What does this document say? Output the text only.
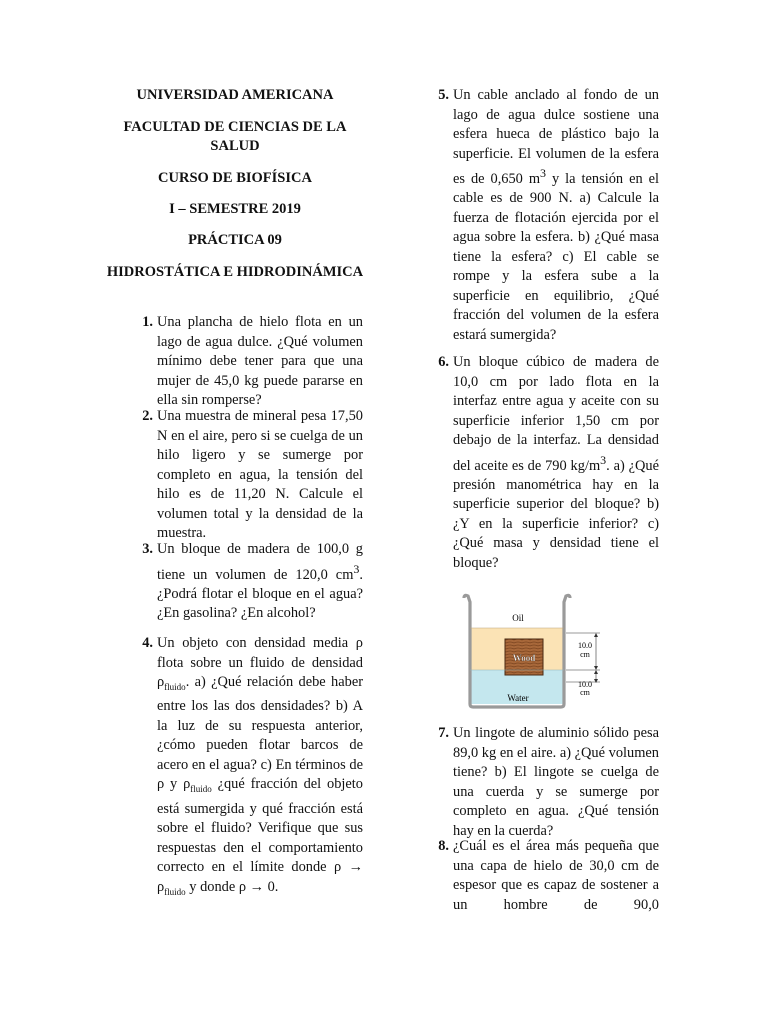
UNIVERSIDAD AMERICANA
FACULTAD DE CIENCIAS DE LA SALUD
CURSO DE BIOFÍSICA
I – SEMESTRE 2019
PRÁCTICA 09
HIDROSTÁTICA E HIDRODINÁMICA
1. Una plancha de hielo flota en un lago de agua dulce. ¿Qué volumen mínimo debe tener para que una mujer de 45,0 kg puede pararse en ella sin romperse?
2. Una muestra de mineral pesa 17,50 N en el aire, pero si se cuelga de un hilo ligero y se sumerge por completo en agua, la tensión del hilo es de 11,20 N. Calcule el volumen total y la densidad de la muestra.
3. Un bloque de madera de 100,0 g tiene un volumen de 120,0 $cm^3$. ¿Podrá flotar el bloque en el agua? ¿En gasolina? ¿En alcohol?
4. Un objeto con densidad media ρ flota sobre un fluido de densidad $\rho_{fluido}$. a) ¿Qué relación debe haber entre los las dos densidades? b) A la luz de su respuesta anterior, ¿cómo pueden flotar barcos de acero en el agua? c) En términos de ρ y $\rho_{fluido}$ ¿qué fracción del objeto está sumergida y qué fracción está sobre el fluido? Verifique que sus respuestas den el comportamiento correcto en el límite donde $\rho \to \rho_{fluido}$ y donde ρ → 0.
5. Un cable anclado al fondo de un lago de agua dulce sostiene una esfera hueca de plástico bajo la superficie. El volumen de la esfera es de 0,650 $m^3$ y la tensión en el cable es de 900 N. a) Calcule la fuerza de flotación ejercida por el agua sobre la esfera. b) ¿Qué masa tiene la esfera? c) El cable se rompe y la esfera sube a la superficie en equilibrio, ¿Qué fracción del volumen de la esfera estará sumergida?
6. Un bloque cúbico de madera de 10,0 cm por lado flota en la interfaz entre agua y aceite con su superficie inferior 1,50 cm por debajo de la interfaz. La densidad del aceite es de 790 $kg/m^3$. a) ¿Qué presión manométrica hay en la superficie superior del bloque? b) ¿Y en la superficie inferior? c) ¿Qué masa y densidad tiene el bloque?
Oil
Wood
Water
10.0
cm
10.0
cm
7. Un lingote de aluminio sólido pesa 89,0 kg en el aire. a) ¿Qué volumen tiene? b) El lingote se cuelga de una cuerda y se sumerge por completo en agua. ¿Qué tensión hay en la cuerda?
8. ¿Cuál es el área más pequeña que una capa de hielo de 30,0 cm de espesor que es capaz de sostener a un hombre de 90,0
